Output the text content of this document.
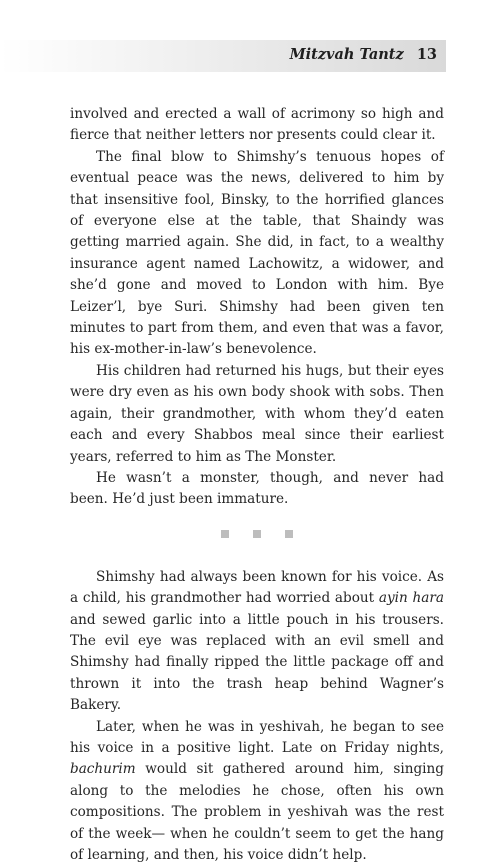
Mitzvah Tantz 13

involved and erected a wall of acrimony so high and fierce that neither letters nor presents could clear it.

The final blow to Shimshy’s tenuous hopes of eventual peace was the news, delivered to him by that insensitive fool, Binsky, to the horrified glances of everyone else at the table, that Shaindy was getting married again. She did, in fact, to a wealthy insurance agent named Lachowitz, a widower, and she’d gone and moved to London with him. Bye Leizer’l, bye Suri. Shimshy had been given ten minutes to part from them, and even that was a favor, his ex-mother-in-law’s benevolence.

His children had returned his hugs, but their eyes were dry even as his own body shook with sobs. Then again, their grandmother, with whom they’d eaten each and every Shabbos meal since their earliest years, referred to him as The Monster.

He wasn’t a monster, though, and never had been. He’d just been immature.

Shimshy had always been known for his voice. As a child, his grandmother had worried about ayin hara and sewed garlic into a little pouch in his trousers. The evil eye was replaced with an evil smell and Shimshy had finally ripped the little package off and thrown it into the trash heap behind Wagner’s Bakery.

Later, when he was in yeshivah, he began to see his voice in a positive light. Late on Friday nights, bachurim would sit gathered around him, singing along to the melodies he chose, often his own compositions. The problem in yeshivah was the rest of the week— when he couldn’t seem to get the hang of learning, and then, his voice didn’t help.
